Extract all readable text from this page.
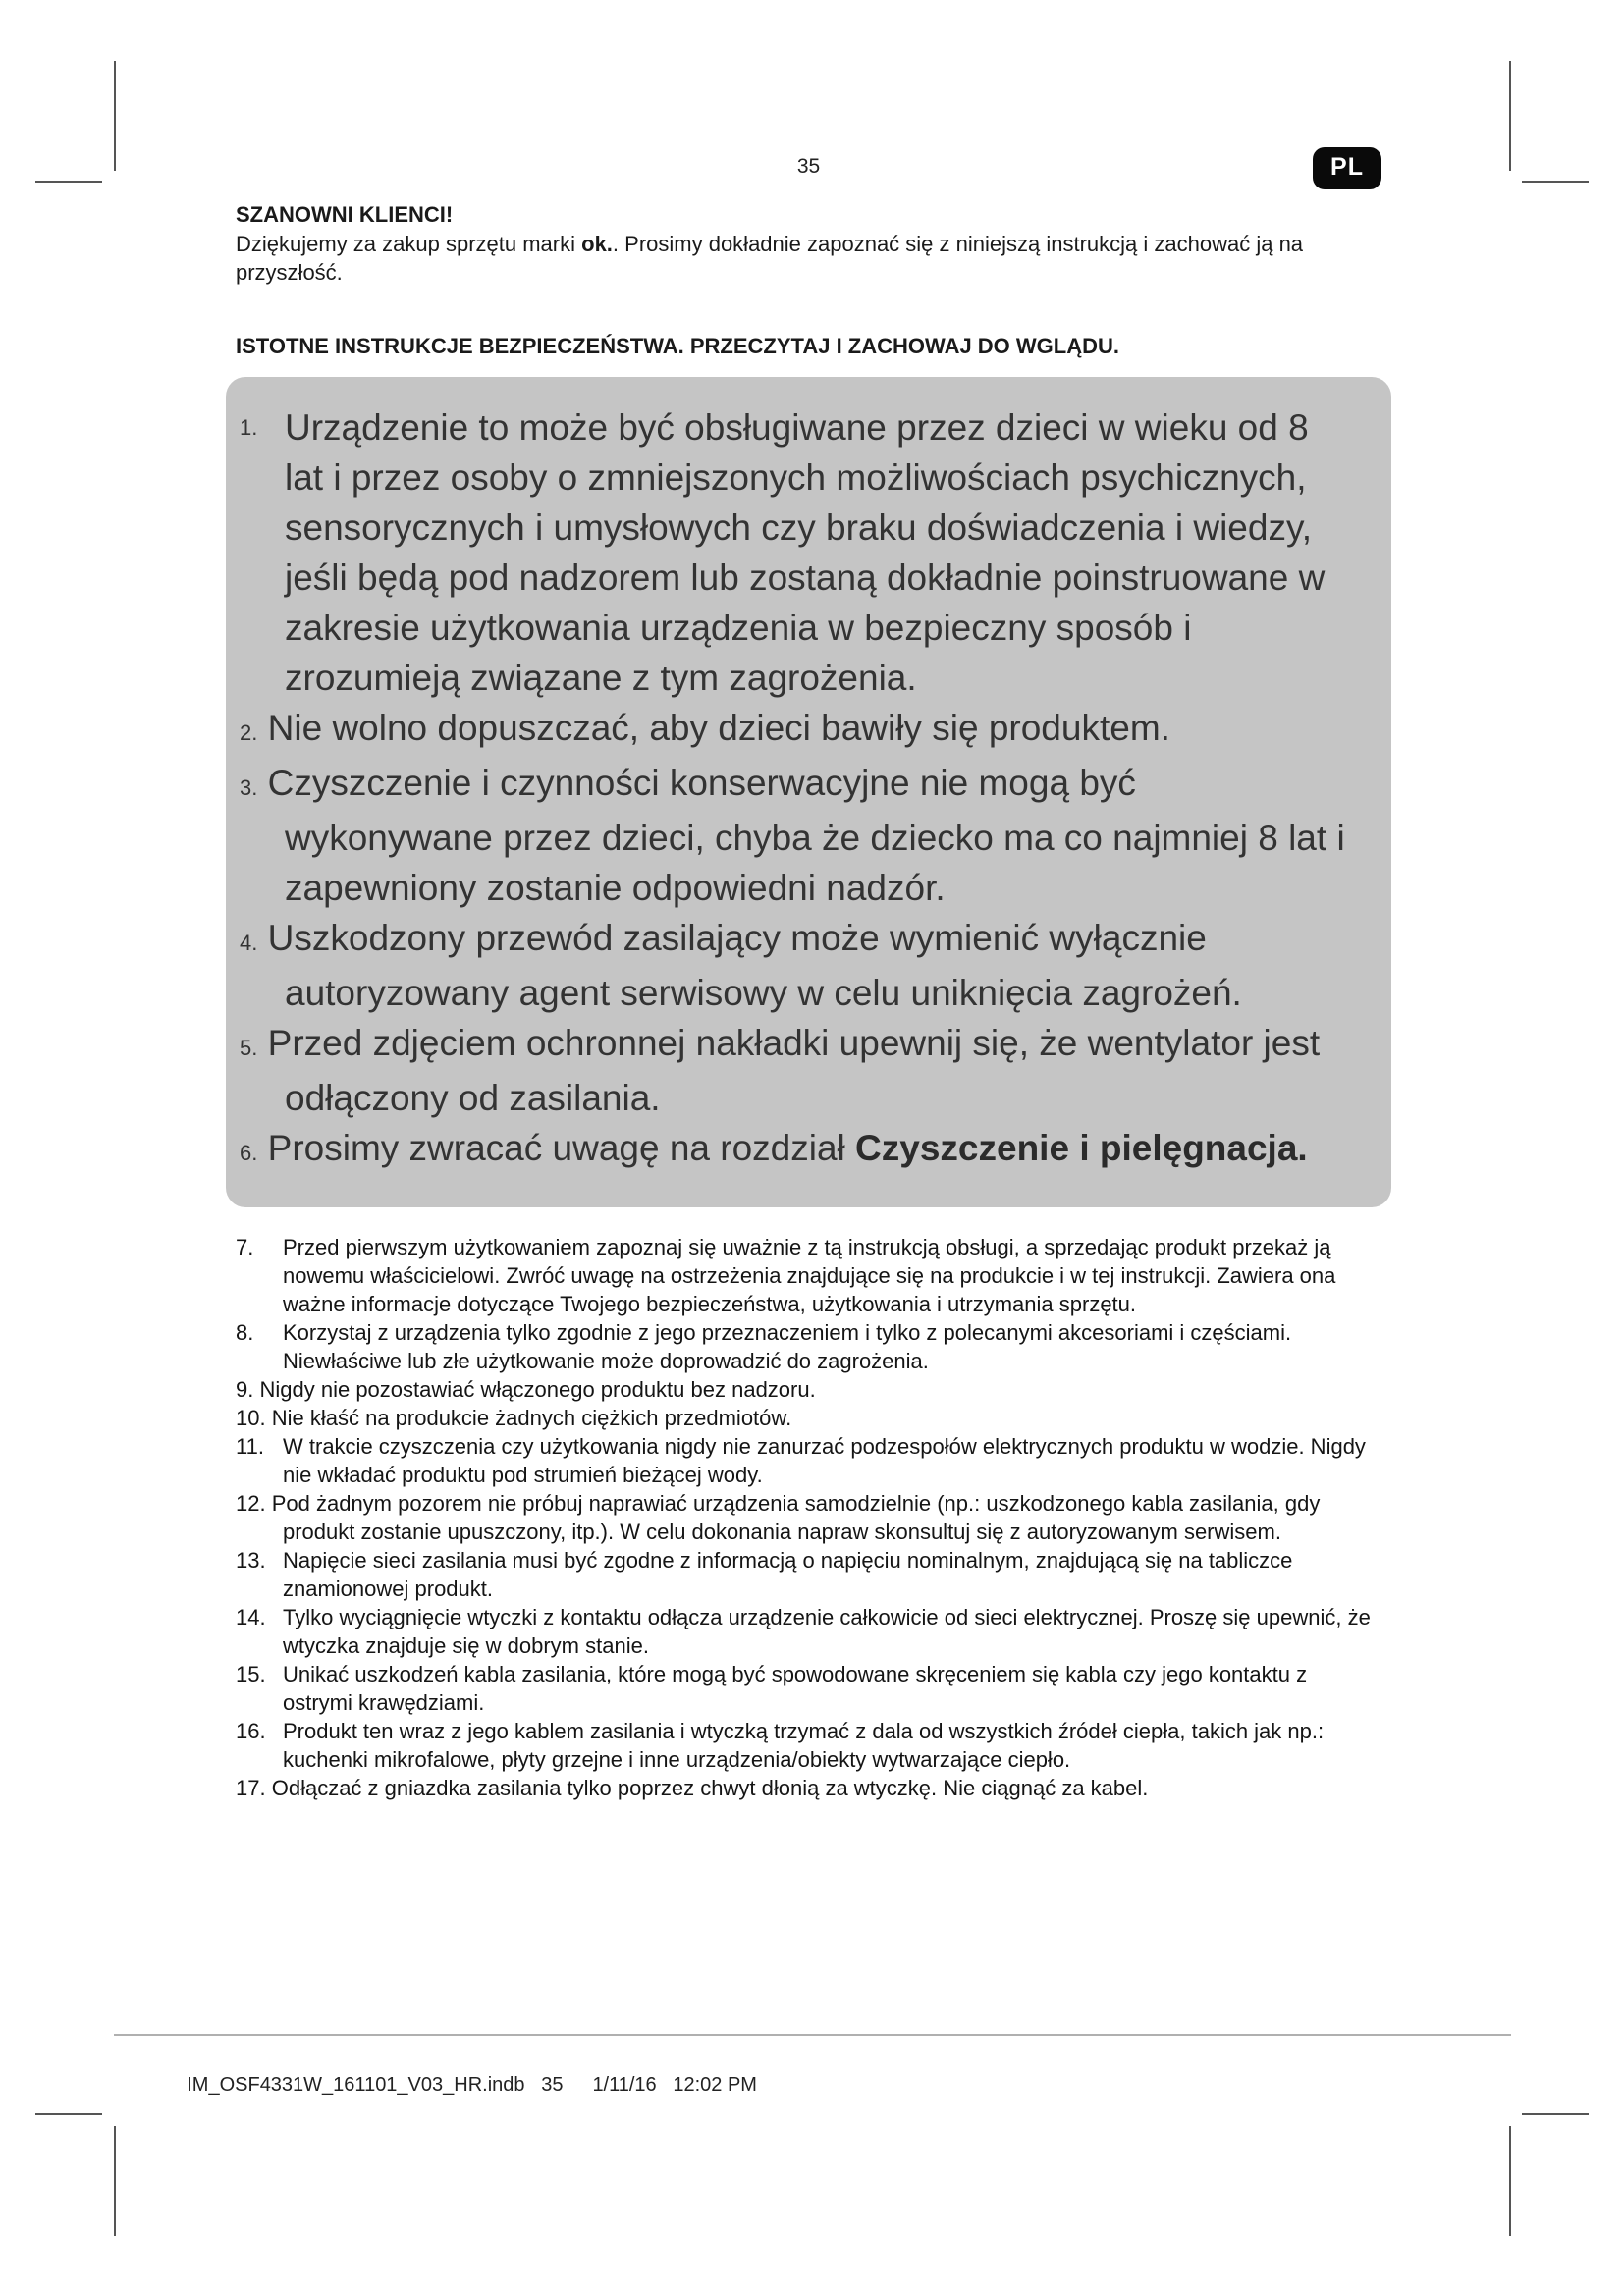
35	PL

SZANOWNI KLIENCI!

Dziękujemy za zakup sprzętu marki ok.. Prosimy dokładnie zapoznać się z niniejszą instrukcją i zachować ją na przyszłość.

ISTOTNE INSTRUKCJE BEZPIECZEŃSTWA. PRZECZYTAJ I ZACHOWAJ DO WGLĄDU.

1. Urządzenie to może być obsługiwane przez dzieci w wieku od 8 lat i przez osoby o zmniejszonych możliwościach psychicznych, sensorycznych i umysłowych czy braku doświadczenia i wiedzy, jeśli będą pod nadzorem lub zostaną dokładnie poinstruowane w zakresie użytkowania urządzenia w bezpieczny sposób i zrozumieją związane z tym zagrożenia.

2. Nie wolno dopuszczać, aby dzieci bawiły się produktem.

3. Czyszczenie i czynności konserwacyjne nie mogą być wykonywane przez dzieci, chyba że dziecko ma co najmniej 8 lat i zapewniony zostanie odpowiedni nadzór.

4. Uszkodzony przewód zasilający może wymienić wyłącznie autoryzowany agent serwisowy w celu uniknięcia zagrożeń.

5. Przed zdjęciem ochronnej nakładki upewnij się, że wentylator jest odłączony od zasilania.

6. Prosimy zwracać uwagę na rozdział Czyszczenie i pielęgnacja.

7. Przed pierwszym użytkowaniem zapoznaj się uważnie z tą instrukcją obsługi, a sprzedając produkt przekaż ją nowemu właścicielowi. Zwróć uwagę na ostrzeżenia znajdujące się na produkcie i w tej instrukcji. Zawiera ona ważne informacje dotyczące Twojego bezpieczeństwa, użytkowania i utrzymania sprzętu.

8. Korzystaj z urządzenia tylko zgodnie z jego przeznaczeniem i tylko z polecanymi akcesoriami i częściami. Niewłaściwe lub złe użytkowanie może doprowadzić do zagrożenia.

9. Nigdy nie pozostawiać włączonego produktu bez nadzoru.

10. Nie kłaść na produkcie żadnych ciężkich przedmiotów.

11. W trakcie czyszczenia czy użytkowania nigdy nie zanurzać podzespołów elektrycznych produktu w wodzie. Nigdy nie wkładać produktu pod strumień bieżącej wody.

12. Pod żadnym pozorem nie próbuj naprawiać urządzenia samodzielnie (np.: uszkodzonego kabla zasilania, gdy produkt zostanie upuszczony, itp.). W celu dokonania napraw skonsultuj się z autoryzowanym serwisem.

13. Napięcie sieci zasilania musi być zgodne z informacją o napięciu nominalnym, znajdującą się na tabliczce znamionowej produkt.

14. Tylko wyciągnięcie wtyczki z kontaktu odłącza urządzenie całkowicie od sieci elektrycznej. Proszę się upewnić, że wtyczka znajduje się w dobrym stanie.

15. Unikać uszkodzeń kabla zasilania, które mogą być spowodowane skręceniem się kabla czy jego kontaktu z ostrymi krawędziami.

16. Produkt ten wraz z jego kablem zasilania i wtyczką trzymać z dala od wszystkich źródeł ciepła, takich jak np.: kuchenki mikrofalowe, płyty grzejne i inne urządzenia/obiekty wytwarzające ciepło.

17. Odłączać z gniazdka zasilania tylko poprzez chwyt dłonią za wtyczkę. Nie ciągnąć za kabel.

IM_OSF4331W_161101_V03_HR.indb   35 1/11/16   12:02 PM
